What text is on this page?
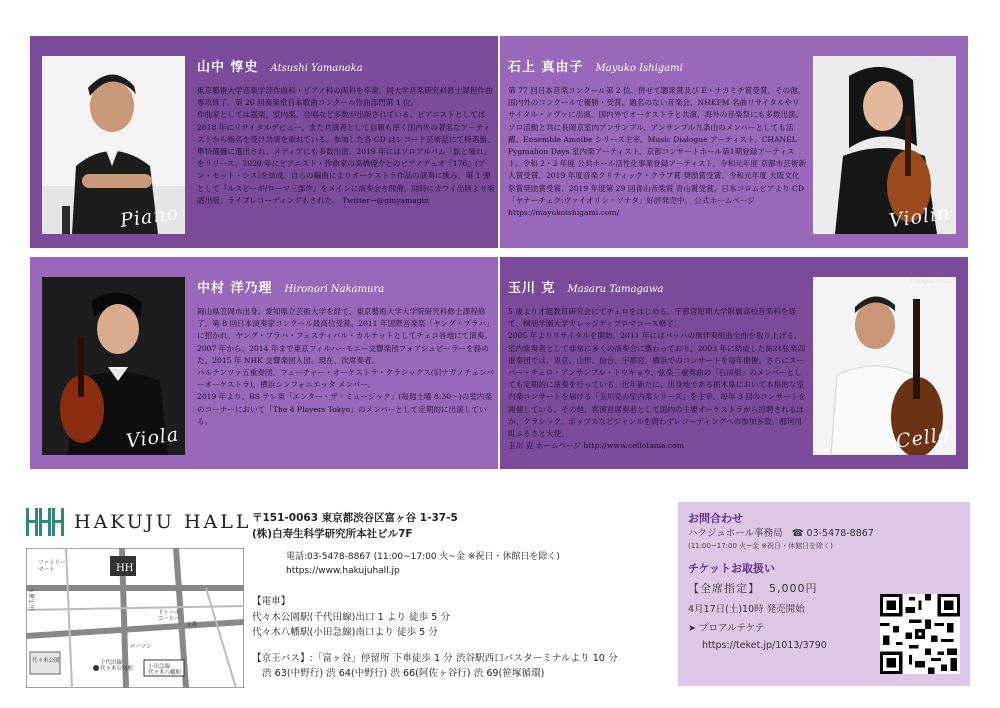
Piano
山中 惇史 Atsushi Yamanaka
東京藝術大学音楽学部作曲科・ピアノ科の両科を卒業。同大学音楽研究科修士課程作曲専攻修了。第 26 回奏楽堂日本歌曲コンクール作曲部門第 1 位。
作曲家としては器楽、室内楽、合唱など多数が出版されている。ピアニストとしては 2018 年にリサイタルデビュー、また共演者として信頼も厚く国内外の著名なアーティストから指名を受け共演を重ねている。参加した各 CD はレコード芸術誌にて特選盤、準特選盤に選出され、メディアにも多数出演。2019 年にはソロアルバム「旅と憧れ」をリリース、2020 年にピアニスト・作曲家の高橋優介とのピアノデュオ『176』(アン・セット・シス)を結成。自らの編曲によりオーケストラ作品の演奏に挑み、第 1 弾として『ルスピーギ/ローマ三部作』をメインに演奏会を開催、同時にカワイ出版より楽譜出版。ライブレコーディングもされた。 Twitter→@ginyamagin
石上 真由子 Mayuko Ishigami
第 77 回日本音楽コンクール第 2 位、併せて聴衆賞及び E・ナカミチ賞受賞。その他、国内外のコンクールで優勝・受賞。題名のない音楽会、NHKFM 名曲リサイタルやリサイタル・ノヴァに出演。国内外でオーケストラと共演、海外の音楽祭にも多数出演。ソロ活動と共に長岡京室内アンサンブル、アンサンブル九条山のメンバーとしても活躍。Ensemble Amoibe シリーズ主宰。Music Dialogue アーティスト、CHANEL Pygmalion Days 室内楽アーティスト、京都コンサートホール第1期登録アーティスト。令和 2・3 年度 公共ホール活性化事業登録アーティスト。令和元年度 京都市芸術新人賞受賞。2019 年度音楽クリティック・クラブ賞 奨励賞受賞、令和元年度 大阪文化祭賞奨励賞受賞、2019 年度第 29 回青山音楽賞 青山賞受賞。日本コロムビアより CD「ヤナーチェク:ヴァイオリン・ソナタ」好評発売中。 公式ホームページ https://mayukoishigami.com/
© Istvan Kohut
Violin
Viola
中村 洋乃理 Hironori Nakamura
岡山県笠岡市出身。愛知県立芸術大学を経て、東京藝術大学大学院研究科修士課程修了。第 8 回日本演奏家コンクール最高位受賞。2011 年国際音楽祭「ヤング・プラハ」に招かれ、ヤング・プラハ・フェスティバル・カルテットとしてチェコ各地にて演奏。
2007 年から、2014 年まで東京フィルハーモニー交響楽団フォアシュピーラーを務めた。2015 年 NHK 交響楽団入団。現在、次席奏者。
パルテンツァ五重奏団、フューチャー・オーケストラ・クラシックス(旧ナガノチェンバーオーケストラ)、横浜シンフォニエッタ メンバー。
2019 年より、BS テレ東「エンター・ザ・ミュージック」(毎週土曜 8:30〜)の室内楽のコーナーにおいて「The 4 Players Tokyo」のメンバーとして定期的に出演している。
玉川 克 Masaru Tamagawa
5 歳より才能教育研究会にてチェロをはじめる。宇都宮短期大学附属高校音楽科を経て、桐朋学園大学カレッジディプロマコース修了。
2005 年よりリサイタルを開始。2011 年にはバッハの無伴奏組曲全曲を取り上げる。室内楽奏者として非常に多くの演奏会に携わっており、2003 年に結成した昴21弦楽四重奏団では、東京、山形、仙台、宇都宮、横浜でのコンサートを毎年開催。さらにスーパー・チェロ・アンサンブル・トウキョウ、弦楽三重奏曲の「石田組」のメンバーとしても定期的に演奏を行っている。近年新たに、出身地である栃木県において本格的な室内楽コンサートを届ける「玉川克の室内楽シリーズ」を主宰。毎年 3 回のコンサートを開催している。その他、客演首席奏者として国内の主要オーケストラから招聘されるほか、クラシック、ポップスなどジャンルを問わずレコーディングへの参加多数。那珂川町ふるさと大使。
玉川 克 ホームページ http://www.cellotama.com
©Shigeto Imura
Cello
HAKUJU HALL
HH
ファミリー
マート
山手通り
代々木公園
交番
ローソン
小田急線
代々木八幡駅
千代田線
代々木公園駅
ドトール
コーヒー
〒151-0063 東京都渋谷区富ヶ谷 1-37-5
(株)白寿生科学研究所本社ビル7F
電話:03-5478-8867 (11:00~17:00 火~金 ※祝日・休館日を除く)
https://www.hakujuhall.jp
【電車】
代々木公園駅(千代田線)出口 1 より 徒歩 5 分
代々木八幡駅(小田急線)南口より 徒歩 5 分
【京王バス】:「富ヶ谷」停留所 下車徒歩 1 分 渋谷駅西口バスターミナルより 10 分
渋 63(中野行) 渋 64(中野行) 渋 66(阿佐ヶ谷行) 渋 69(笹塚循環)
お問合わせ
ハクジュホール事務局 ☎ 03-5478-8867
(11:00~17:00 火~金 ※祝日・休館日を除く)
チケットお取扱い
【全席指定】 5,000円
4月17日(土)10時 発売開始
➤ プロアルテケテ
https://teket.jp/1013/3790
